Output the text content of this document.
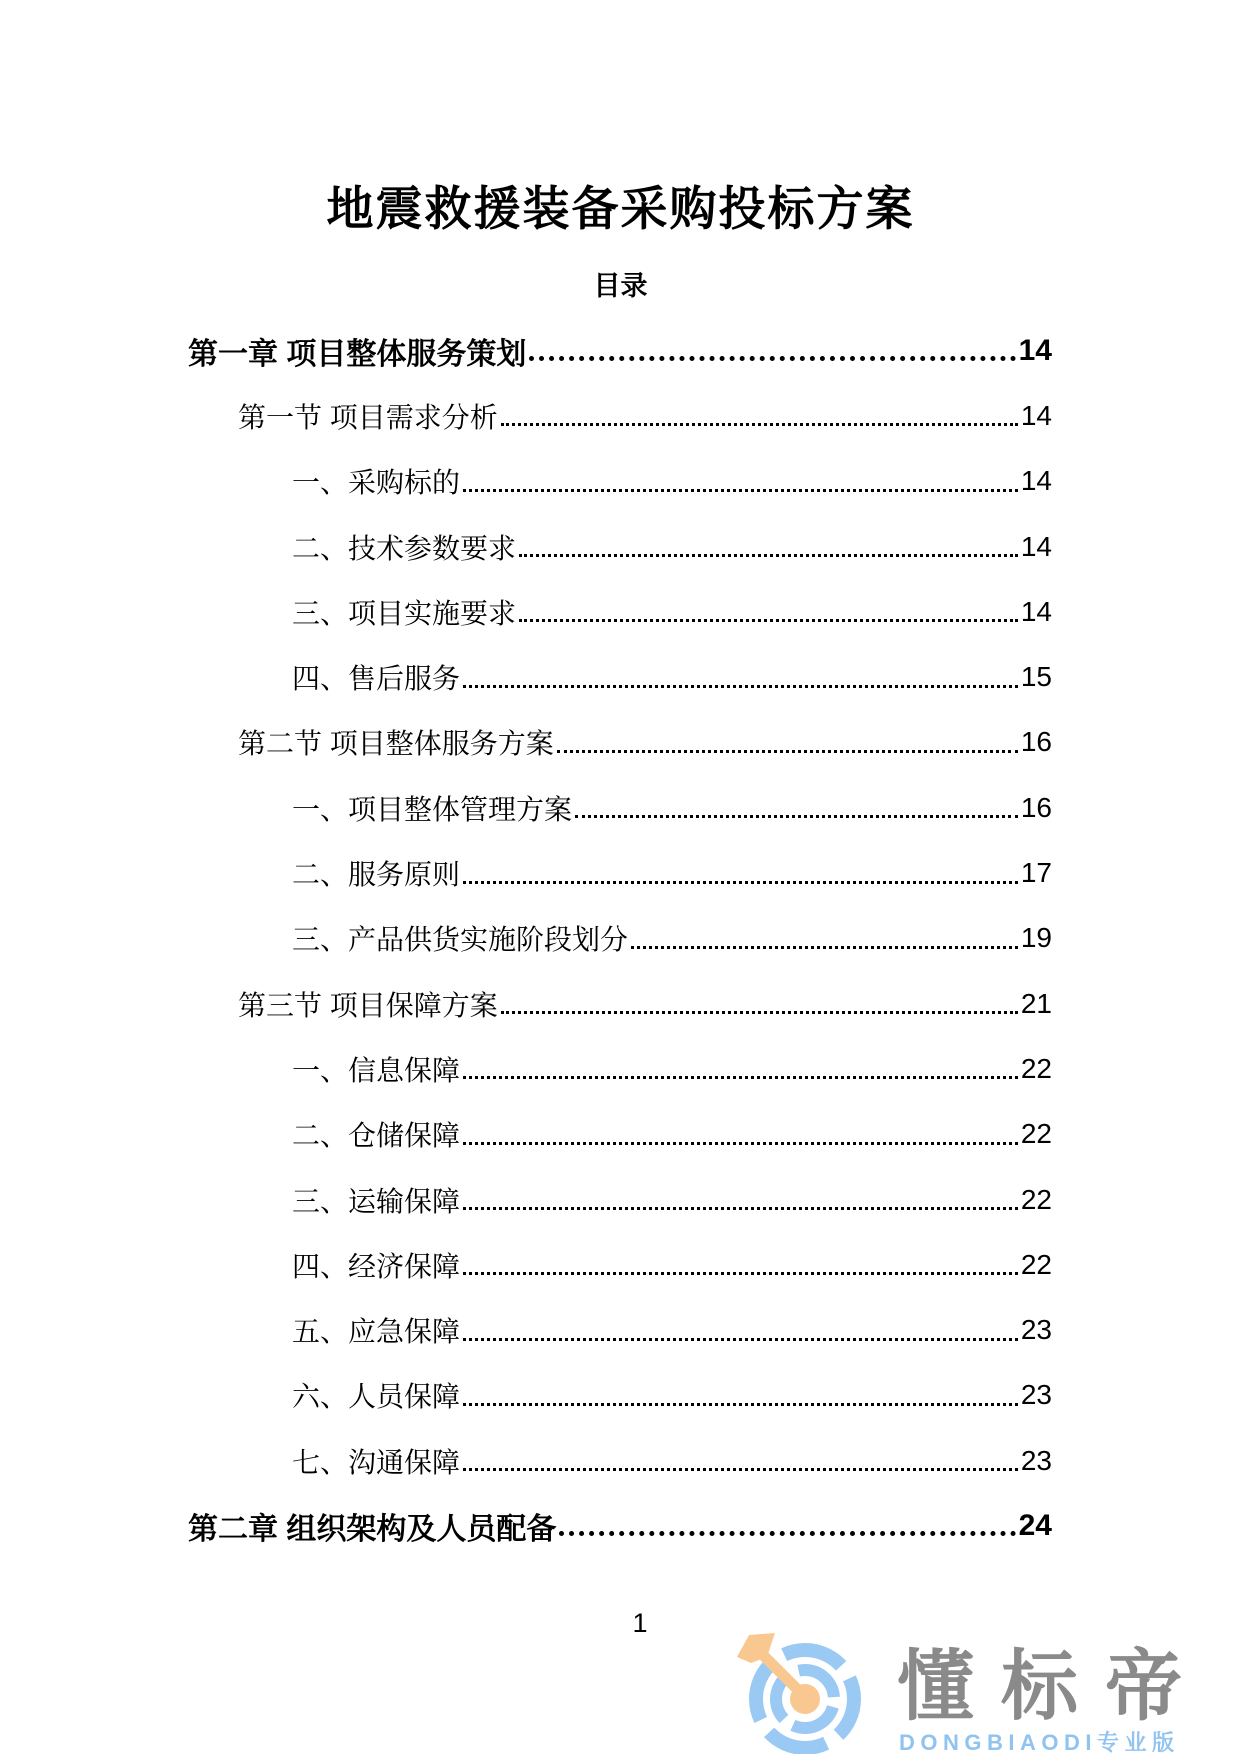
地震救援装备采购投标方案
目录
第一章 项目整体服务策划	14
第一节 项目需求分析	14
一、采购标的	14
二、技术参数要求	14
三、项目实施要求	14
四、售后服务	15
第二节 项目整体服务方案	16
一、项目整体管理方案	16
二、服务原则	17
三、产品供货实施阶段划分	19
第三节 项目保障方案	21
一、信息保障	22
二、仓储保障	22
三、运输保障	22
四、经济保障	22
五、应急保障	23
六、人员保障	23
七、沟通保障	23
第二章 组织架构及人员配备	24
1
懂标帝
DONGBIAODI专业版
